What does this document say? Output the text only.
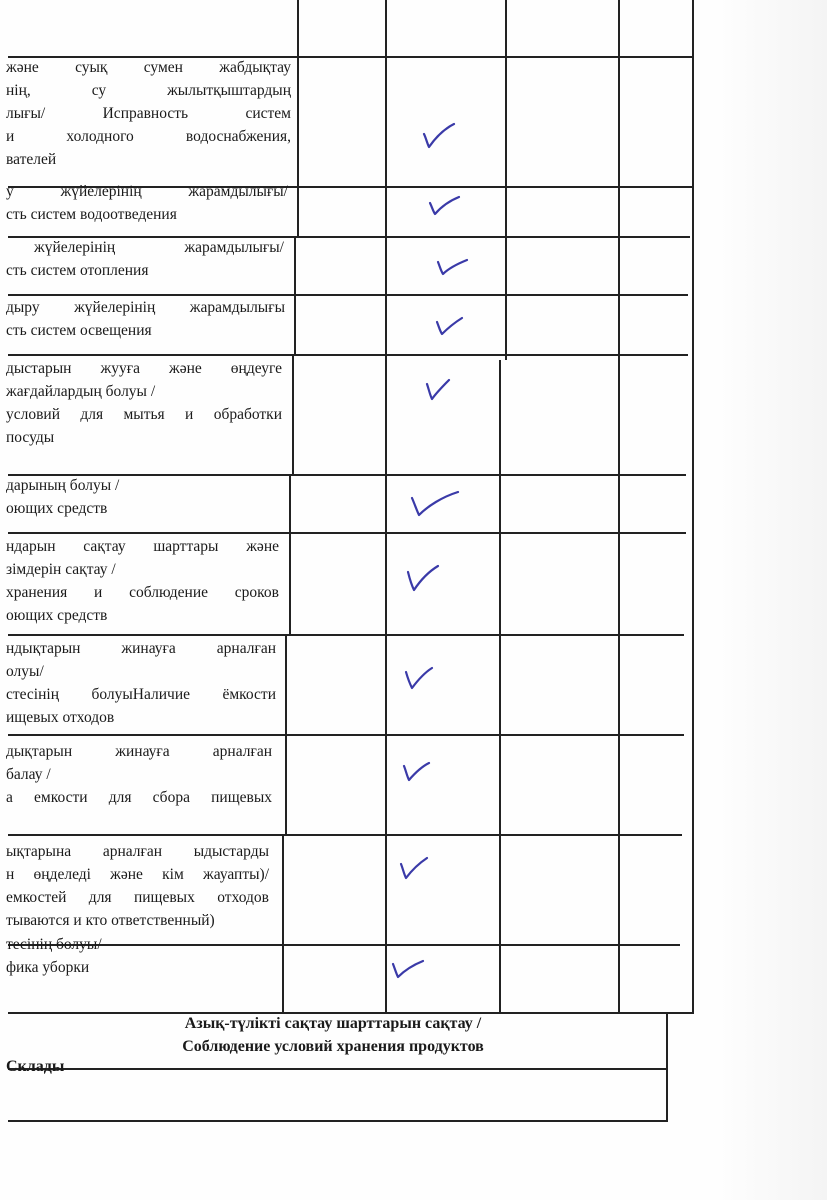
және суық сумен жабдықтау
нің, су жылытқыштардың
лығы/ Исправность систем
и холодного водоснабжения,
вателей
у жүйелерінің жарамдылығы/
сть систем водоотведения
жүйелерінің жарамдылығы/
сть систем отопления
дыру жүйелерінің жарамдылығы
сть систем освещения
дыстарын жууға және өңдеуге
жағдайлардың болуы /
условий для мытья и обработки
посуды
дарының болуы /
оющих средств
ндарын сақтау шарттары және
зімдерін сақтау /
хранения и соблюдение сроков
оющих средств
ндықтарын жинауға арналған
олуы/
стесінің болуыНаличие ёмкости
ищевых отходов
дықтарын жинауға арналған
балау /
а емкости для сбора пищевых
ықтарына арналған ыдыстарды
н өңделеді және кім жауапты)/
емкостей для пищевых отходов
тываются и кто ответственный)
тесінің болуы/
фика уборки
Азық-түлікті сақтау шарттарын сақтау /
Соблюдение условий хранения продуктов
Склады
